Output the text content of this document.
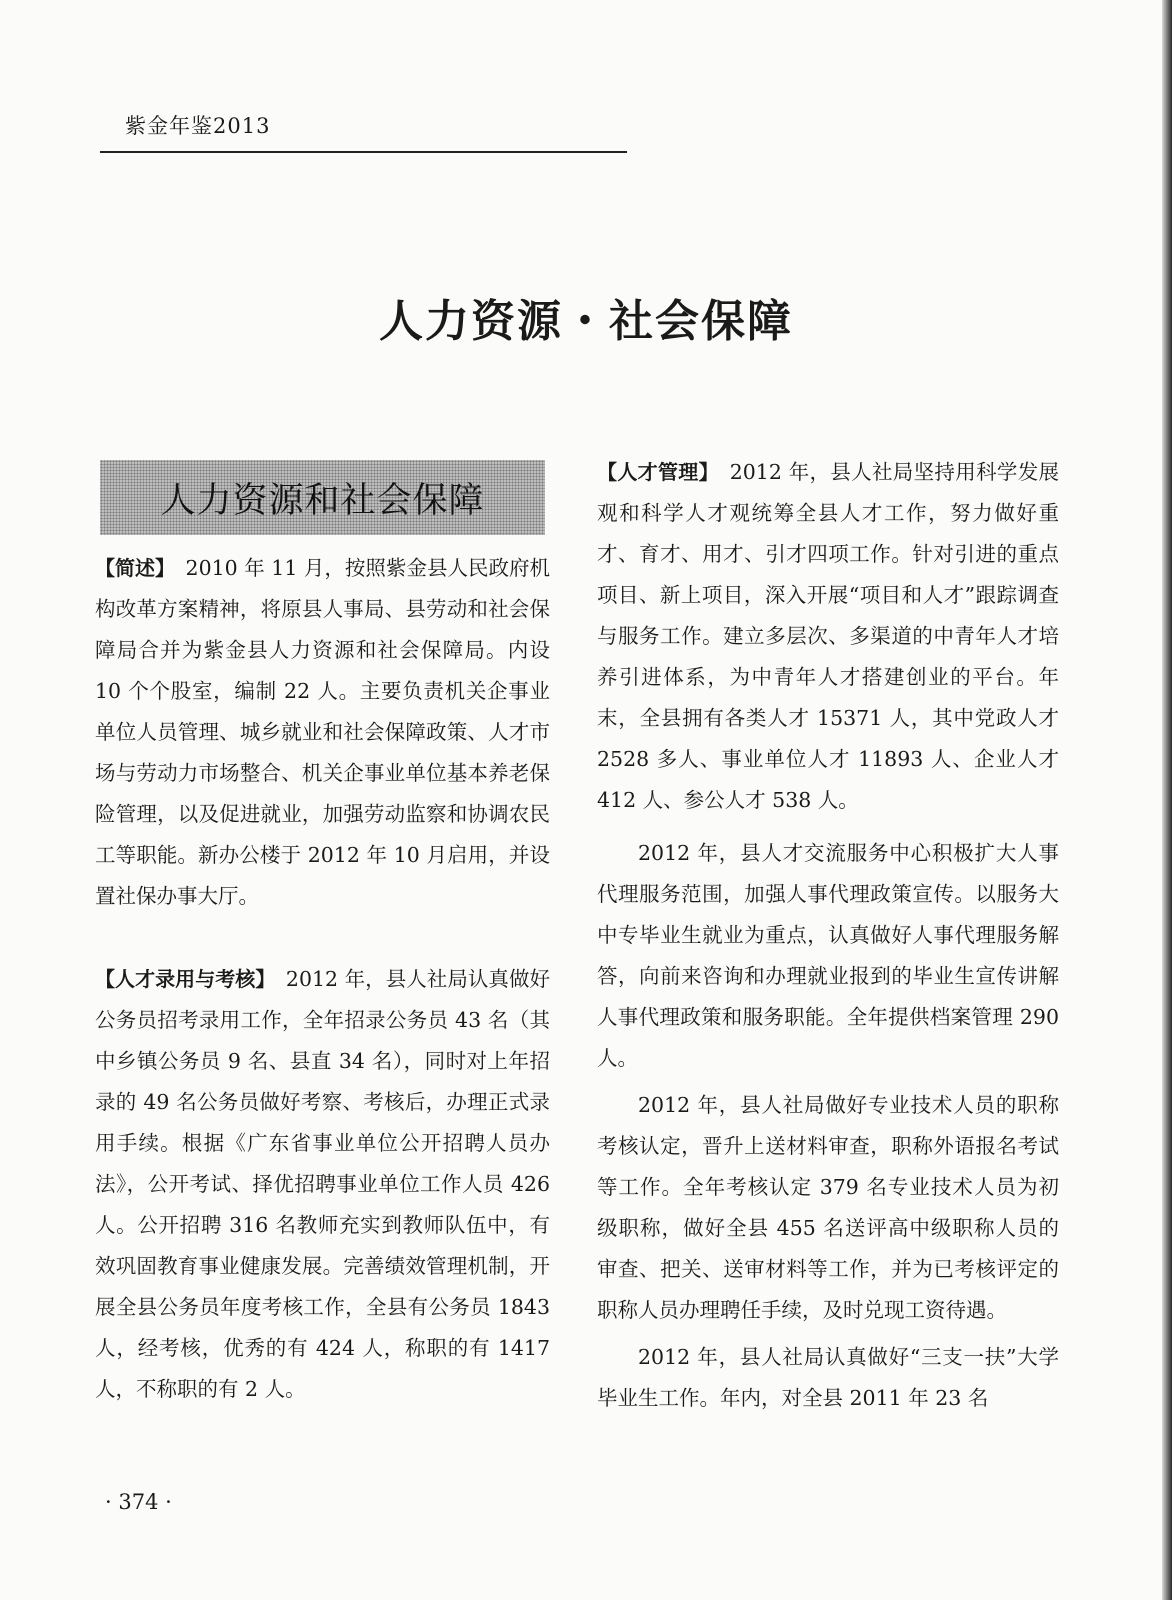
紫金年鉴2013
人力资源・社会保障
人力资源和社会保障

【简述】　2010 年 11 月，按照紫金县人民政府机构改革方案精神，将原县人事局、县劳动和社会保障局合并为紫金县人力资源和社会保障局。内设 10 个个股室，编制 22 人。主要负责机关企事业单位人员管理、城乡就业和社会保障政策、人才市场与劳动力市场整合、机关企事业单位基本养老保险管理，以及促进就业，加强劳动监察和协调农民工等职能。新办公楼于 2012 年 10 月启用，并设置社保办事大厅。

【人才录用与考核】　2012 年，县人社局认真做好公务员招考录用工作，全年招录公务员 43 名（其中乡镇公务员 9 名、县直 34 名），同时对上年招录的 49 名公务员做好考察、考核后，办理正式录用手续。根据《广东省事业单位公开招聘人员办法》，公开考试、择优招聘事业单位工作人员 426 人。公开招聘 316 名教师充实到教师队伍中，有效巩固教育事业健康发展。完善绩效管理机制，开展全县公务员年度考核工作，全县有公务员 1843 人，经考核，优秀的有 424 人，称职的有 1417 人，不称职的有 2 人。

【人才管理】　2012 年，县人社局坚持用科学发展观和科学人才观统筹全县人才工作，努力做好重才、育才、用才、引才四项工作。针对引进的重点项目、新上项目，深入开展“项目和人才”跟踪调查与服务工作。建立多层次、多渠道的中青年人才培养引进体系，为中青年人才搭建创业的平台。年末，全县拥有各类人才 15371 人，其中党政人才 2528 多人、事业单位人才 11893 人、企业人才 412 人、参公人才 538 人。

2012 年，县人才交流服务中心积极扩大人事代理服务范围，加强人事代理政策宣传。以服务大中专毕业生就业为重点，认真做好人事代理服务解答，向前来咨询和办理就业报到的毕业生宣传讲解人事代理政策和服务职能。全年提供档案管理 290 人。

2012 年，县人社局做好专业技术人员的职称考核认定，晋升上送材料审查，职称外语报名考试等工作。全年考核认定 379 名专业技术人员为初级职称，做好全县 455 名送评高中级职称人员的审查、把关、送审材料等工作，并为已考核评定的职称人员办理聘任手续，及时兑现工资待遇。

2012 年，县人社局认真做好“三支一扶”大学毕业生工作。年内，对全县 2011 年 23 名

· 374 ·
